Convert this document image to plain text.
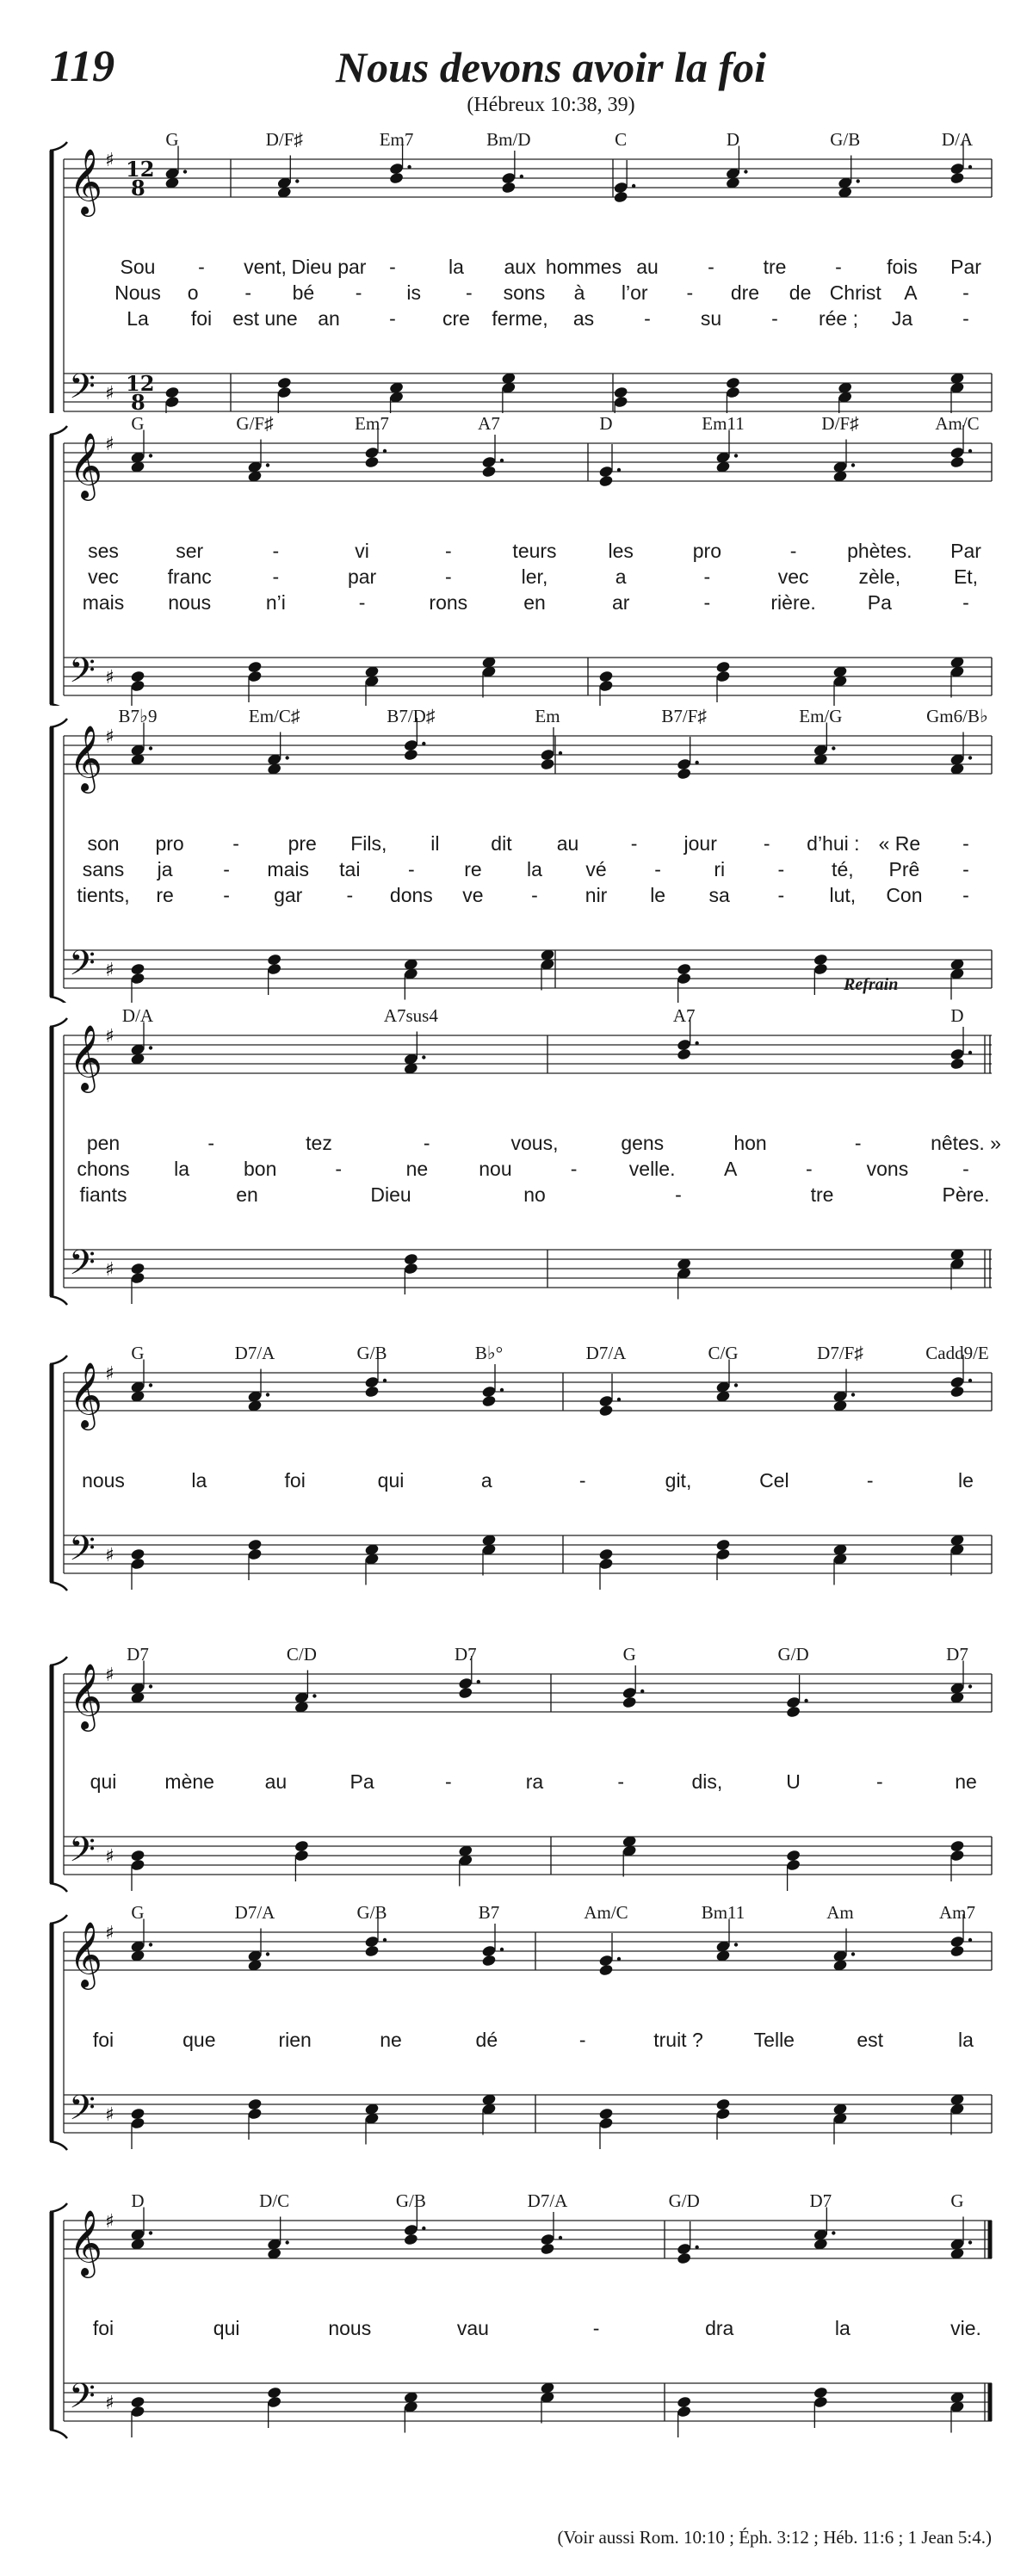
119	Nous devons avoir la foi
(Hébreux 10:38, 39)
𝄞
𝄢
♯
♯
12
8
12
8
G	D/F♯	Em7	Bm/D	C	D	G/B	D/A
Sou - vent, Dieu par -	la aux hommes au - tre - fois Par
Nous o - bé - is - sons à l’or - dre de Christ A -
La foi est une an - cre ferme, as	-	su	- rée ; Ja	-
𝄞
𝄢
♯
♯
G	G/F♯	Em7	A7	D	Em11	D/F♯	Am/C
ses	ser	-	vi	-	teurs	les	pro	-	phètes. Par
vec franc	-	par	-	ler,	a	-	vec	zèle,	Et,
mais nous	n’i	-	rons	en	ar	-	rière.	Pa	-
𝄞
𝄢
♯
♯
B7♭9	Em/C♯	B7/D♯	Em	B7/F♯	Em/G	Gm6/B♭
son pro - pre Fils, il	dit au	- jour - d’hui : « Re -
sans ja	- mais tai -	re la vé -	ri	- té, Prê -
tients, re	- gar - dons ve - nir le sa - lut, Con -
𝄞
𝄢
♯
♯
D/A	A7sus4	A7	D
pen	-	tez	-	vous,	gens	hon	-	nêtes. »
chons la	bon	-	ne	nou	-	velle. A	-	vons	-
fiants	en	Dieu	no	-	tre	Père.
Refrain
𝄞
𝄢
♯
♯
G	D7/A	G/B	B♭°	D7/A	C/G	D7/F♯	Cadd9/E
nous	la	foi	qui	a	-	git,	Cel	-	le
𝄞
𝄢
♯
♯
D7	C/D	D7	G	G/D	D7
qui mène	au	Pa	-	ra	-	dis,	U	-	ne
𝄞
𝄢
♯
♯
G	D7/A	G/B	B7	Am/C	Bm11	Am	Am7
foi	que	rien	ne	dé	-	truit ?	Telle	est	la
𝄞
𝄢
♯
♯
D	D/C	G/B	D7/A	G/D	D7	G
foi	qui	nous	vau	-	dra	la	vie.
(Voir aussi Rom. 10:10 ; Éph. 3:12 ; Héb. 11:6 ; 1 Jean 5:4.)
